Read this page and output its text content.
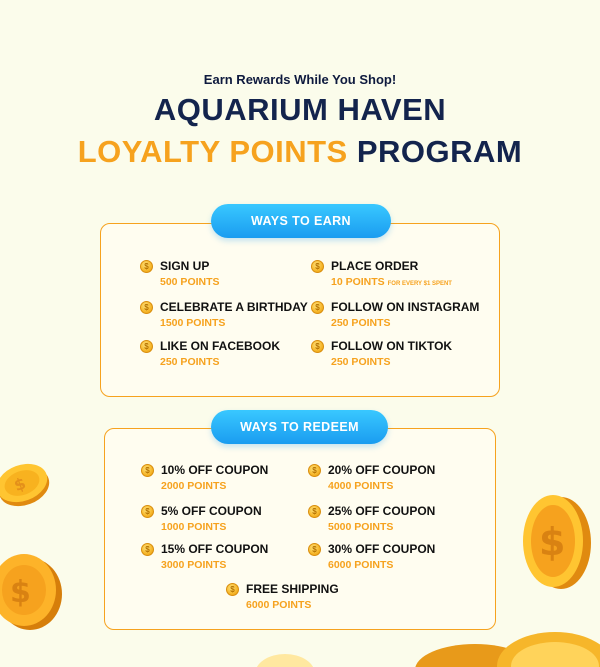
Earn Rewards While You Shop!
AQUARIUM HAVEN
LOYALTY POINTS PROGRAM
WAYS TO EARN
$ SIGN UP
500 POINTS
$ PLACE ORDER
10 POINTS FOR EVERY $1 SPENT
$ CELEBRATE A BIRTHDAY
1500 POINTS
$ FOLLOW ON INSTAGRAM
250 POINTS
$ LIKE ON FACEBOOK
250 POINTS
$ FOLLOW ON TIKTOK
250 POINTS
WAYS TO REDEEM
$ 10% OFF COUPON
2000 POINTS
$ 20% OFF COUPON
4000 POINTS
$ 5% OFF COUPON
1000 POINTS
$ 25% OFF COUPON
5000 POINTS
$ 15% OFF COUPON
3000 POINTS
$ 30% OFF COUPON
6000 POINTS
$ FREE SHIPPING
6000 POINTS
$
$
$
